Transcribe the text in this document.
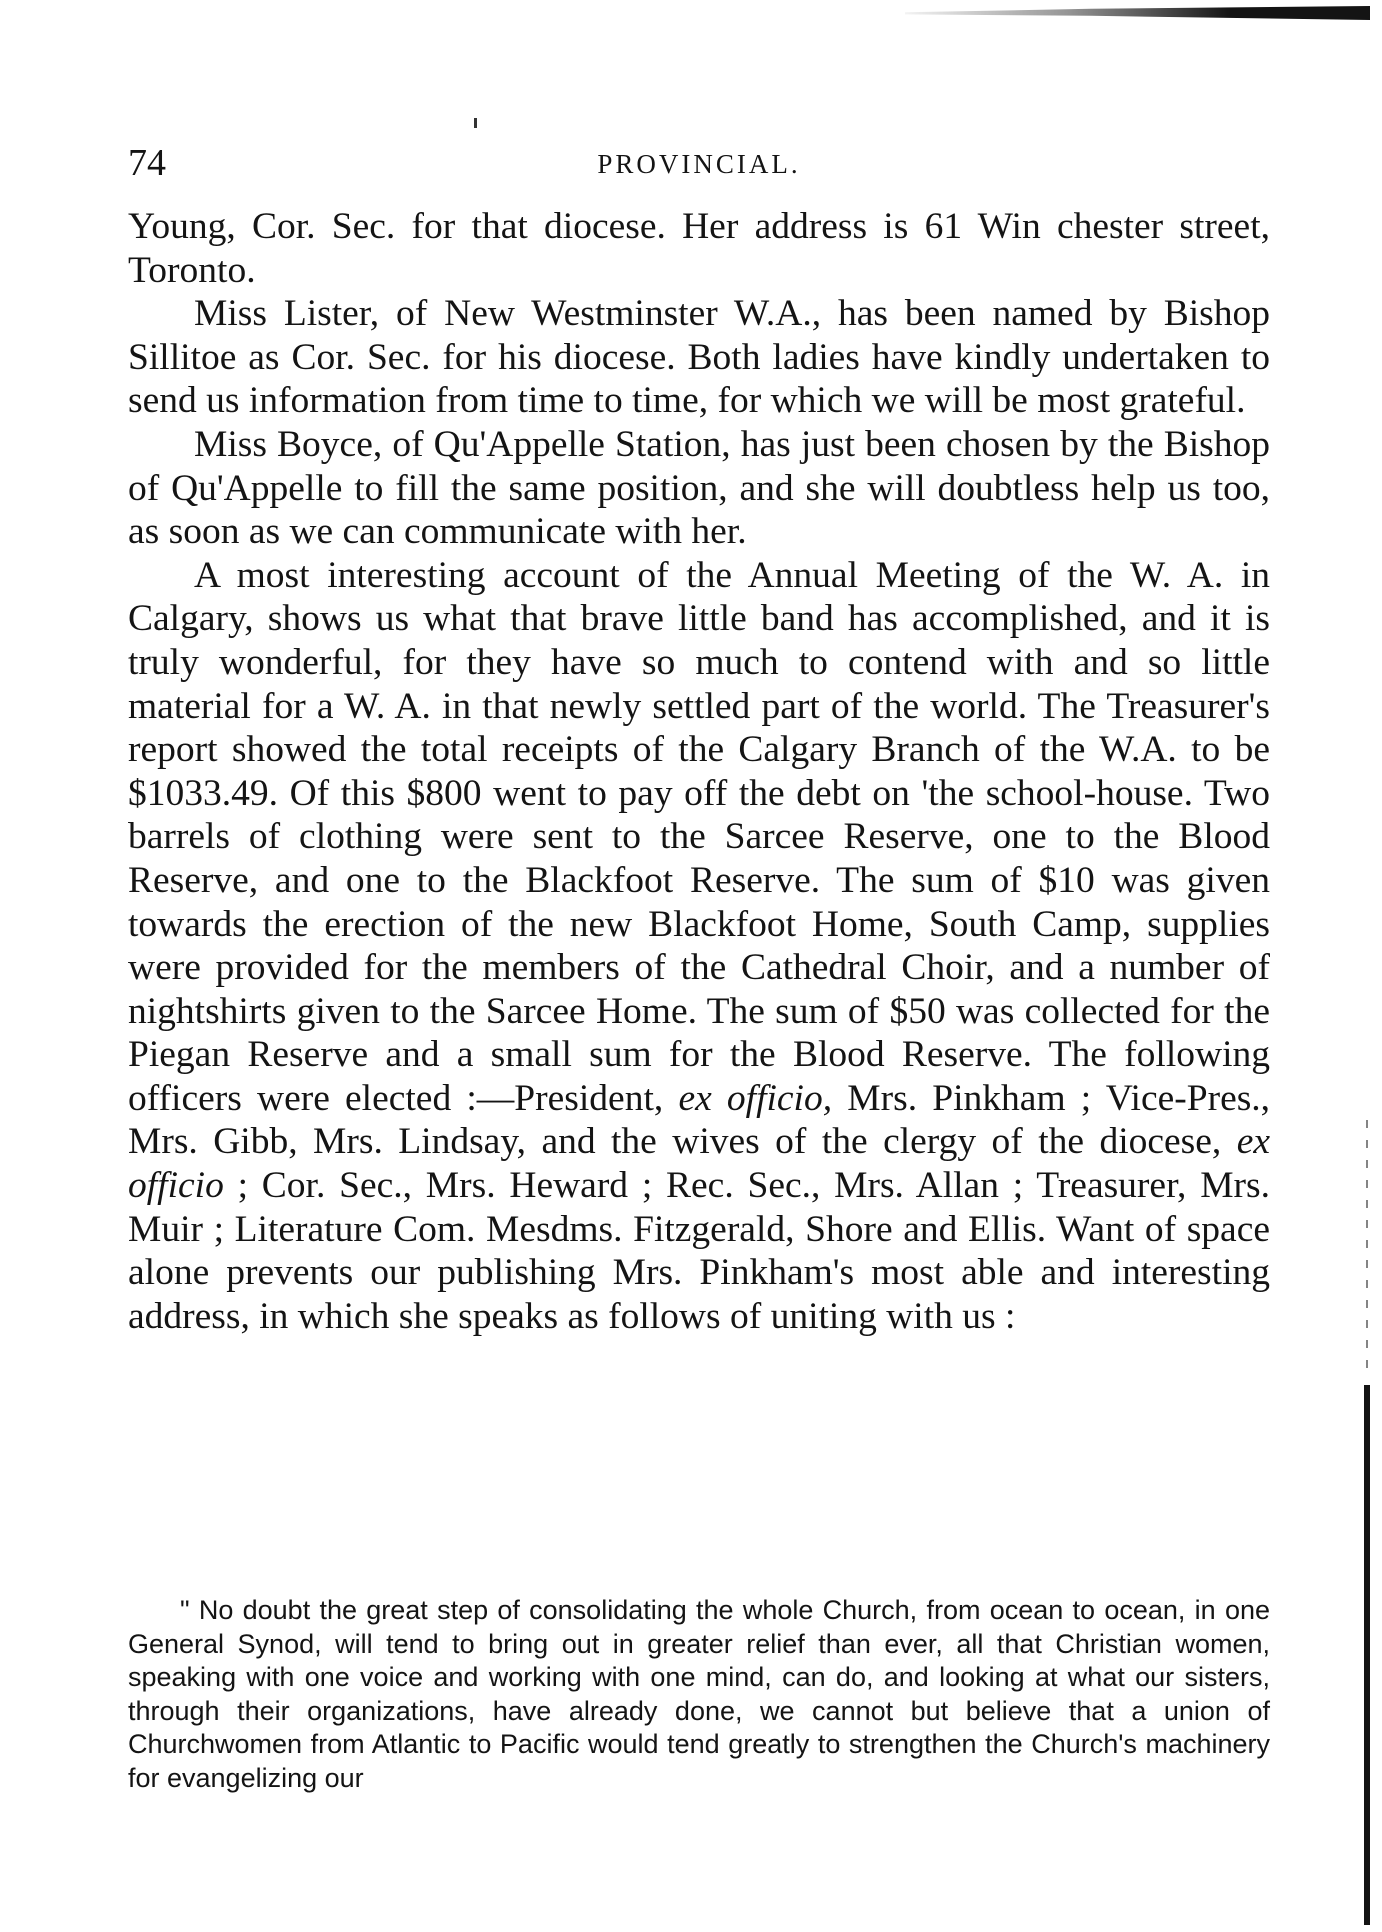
74	PROVINCIAL.

Young, Cor. Sec. for that diocese. Her address is 61 Win chester street, Toronto.

Miss Lister, of New Westminster W.A., has been named by Bishop Sillitoe as Cor. Sec. for his diocese. Both ladies have kindly undertaken to send us information from time to time, for which we will be most grateful.

Miss Boyce, of Qu'Appelle Station, has just been chosen by the Bishop of Qu'Appelle to fill the same position, and she will doubtless help us too, as soon as we can communicate with her.

A most interesting account of the Annual Meeting of the W. A. in Calgary, shows us what that brave little band has accomplished, and it is truly wonderful, for they have so much to contend with and so little material for a W. A. in that newly settled part of the world. The Treasurer's report showed the total receipts of the Calgary Branch of the W.A. to be $1033.49. Of this $800 went to pay off the debt on 'the school-house. Two barrels of clothing were sent to the Sarcee Reserve, one to the Blood Reserve, and one to the Blackfoot Reserve. The sum of $10 was given towards the erection of the new Blackfoot Home, South Camp, supplies were provided for the members of the Cathedral Choir, and a number of nightshirts given to the Sarcee Home. The sum of $50 was collected for the Piegan Reserve and a small sum for the Blood Reserve. The following officers were elected :—President, ex officio, Mrs. Pinkham ; Vice-Pres., Mrs. Gibb, Mrs. Lindsay, and the wives of the clergy of the diocese, ex officio ; Cor. Sec., Mrs. Heward ; Rec. Sec., Mrs. Allan ; Treasurer, Mrs. Muir ; Literature Com. Mesdms. Fitzgerald, Shore and Ellis. Want of space alone prevents our publishing Mrs. Pinkham's most able and interesting address, in which she speaks as follows of uniting with us :

" No doubt the great step of consolidating the whole Church, from ocean to ocean, in one General Synod, will tend to bring out in greater relief than ever, all that Christian women, speaking with one voice and working with one mind, can do, and looking at what our sisters, through their organizations, have already done, we cannot but believe that a union of Churchwomen from Atlantic to Pacific would tend greatly to strengthen the Church's machinery for evangelizing our
